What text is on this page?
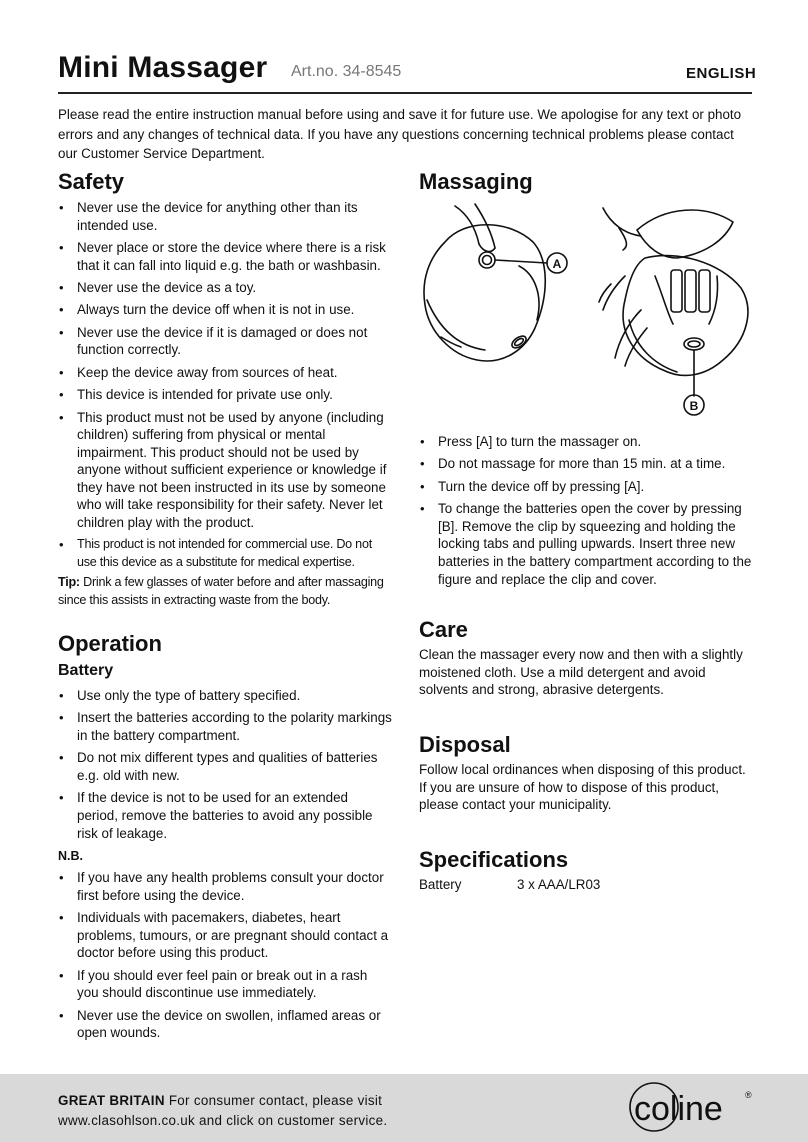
Mini Massager Art.no. 34-8545	ENGLISH
Please read the entire instruction manual before using and save it for future use. We apologise for any text or photo errors and any changes of technical data. If you have any questions concerning technical problems please contact our Customer Service Department.
Safety
• Never use the device for anything other than its intended use.
• Never place or store the device where there is a risk that it can fall into liquid e.g. the bath or washbasin.
• Never use the device as a toy.
• Always turn the device off when it is not in use.
• Never use the device if it is damaged or does not function correctly.
• Keep the device away from sources of heat.
• This device is intended for private use only.
• This product must not be used by anyone (including children) suffering from physical or mental impairment. This product should not be used by anyone without sufficient experience or knowledge if they have not been instructed in its use by someone who will take responsibility for their safety. Never let children play with the product.
• This product is not intended for commercial use. Do not use this device as a substitute for medical expertise.
Tip: Drink a few glasses of water before and after massaging since this assists in extracting waste from the body.
Operation
Battery
• Use only the type of battery specified.
• Insert the batteries according to the polarity markings in the battery compartment.
• Do not mix different types and qualities of batteries e.g. old with new.
• If the device is not to be used for an extended period, remove the batteries to avoid any possible risk of leakage.
N.B.
• If you have any health problems consult your doctor first before using the device.
• Individuals with pacemakers, diabetes, heart problems, tumours, or are pregnant should contact a doctor before using this product.
• If you should ever feel pain or break out in a rash you should discontinue use immediately.
• Never use the device on swollen, inflamed areas or open wounds.
Massaging
A
B
• Press [A] to turn the massager on.
• Do not massage for more than 15 min. at a time.
• Turn the device off by pressing [A].
• To change the batteries open the cover by pressing [B]. Remove the clip by squeezing and holding the locking tabs and pulling upwards. Insert three new batteries in the battery compartment according to the figure and replace the clip and cover.
Care
Clean the massager every now and then with a slightly moistened cloth. Use a mild detergent and avoid solvents and strong, abrasive detergents.
Disposal
Follow local ordinances when disposing of this product. If you are unsure of how to dispose of this product, please contact your municipality.
Specifications
Battery	3 x AAA/LR03
GREAT BRITAIN For consumer contact, please visit
www.clasohlson.co.uk and click on customer service.	coline ®
